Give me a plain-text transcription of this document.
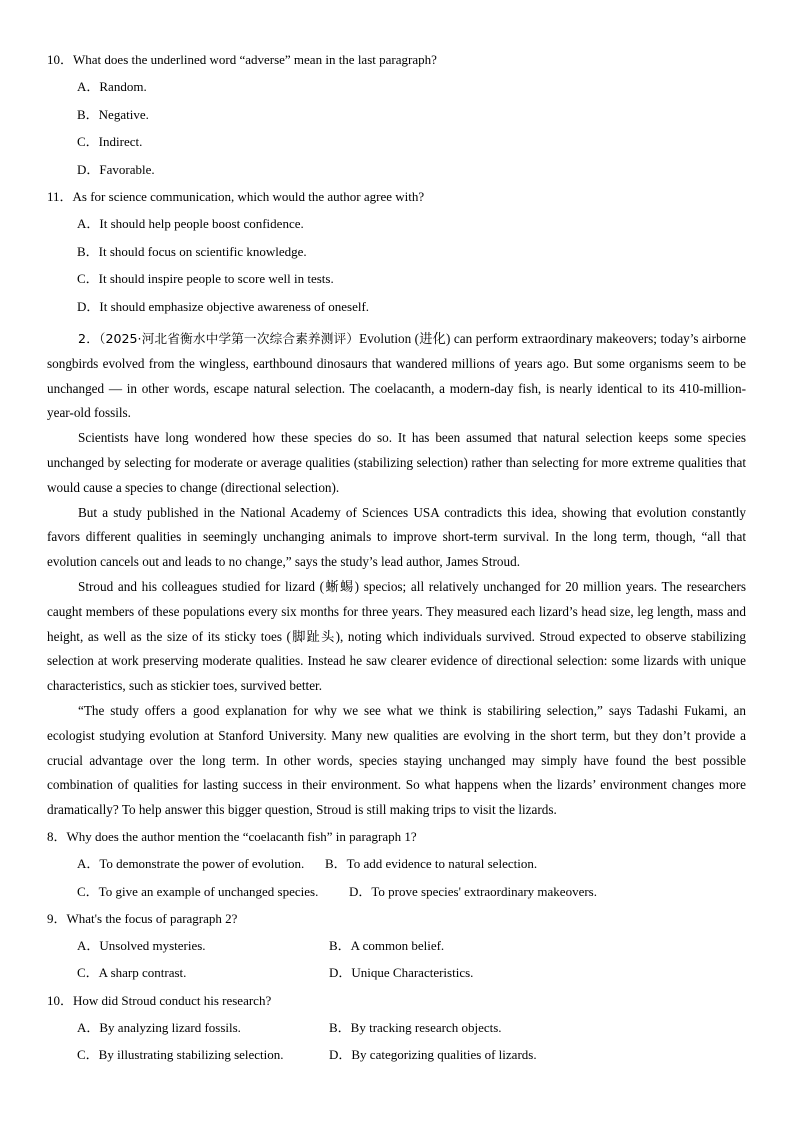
10．What does the underlined word “adverse” mean in the last paragraph?
A．Random.
B．Negative.
C．Indirect.
D．Favorable.
11．As for science communication, which would the author agree with?
A．It should help people boost confidence.
B．It should focus on scientific knowledge.
C．It should inspire people to score well in tests.
D．It should emphasize objective awareness of oneself.

2．（2025·河北省衡水中学第一次综合素养测评）Evolution (进化) can perform extraordinary makeovers; today’s airborne songbirds evolved from the wingless, earthbound dinosaurs that wandered millions of years ago. But some organisms seem to be unchanged — in other words, escape natural selection. The coelacanth, a modern-day fish, is nearly identical to its 410-million-year-old fossils.

Scientists have long wondered how these species do so. It has been assumed that natural selection keeps some species unchanged by selecting for moderate or average qualities (stabilizing selection) rather than selecting for more extreme qualities that would cause a species to change (directional selection).

But a study published in the National Academy of Sciences USA contradicts this idea, showing that evolution constantly favors different qualities in seemingly unchanging animals to improve short-term survival. In the long term, though, “all that evolution cancels out and leads to no change,” says the study’s lead author, James Stroud.

Stroud and his colleagues studied for lizard (蜥蜴) specios; all relatively unchanged for 20 million years. The researchers caught members of these populations every six months for three years. They measured each lizard’s head size, leg length, mass and height, as well as the size of its sticky toes (脚趾头), noting which individuals survived. Stroud expected to observe stabilizing selection at work preserving moderate qualities. Instead he saw clearer evidence of directional selection: some lizards with unique characteristics, such as stickier toes, survived better.

“The study offers a good explanation for why we see what we think is stabiliring selection,” says Tadashi Fukami, an ecologist studying evolution at Stanford University. Many new qualities are evolving in the short term, but they don’t provide a crucial advantage over the long term. In other words, species staying unchanged may simply have found the best possible combination of qualities for lasting success in their environment. So what happens when the lizards’ environment changes more dramatically? To help answer this bigger question, Stroud is still making trips to visit the lizards.

8．Why does the author mention the “coelacanth fish” in paragraph 1?
A．To demonstrate the power of evolution. B．To add evidence to natural selection.
C．To give an example of unchanged species. D．To prove species' extraordinary makeovers.
9．What's the focus of paragraph 2?
A．Unsolved mysteries.	B．A common belief.
C．A sharp contrast.	D．Unique Characteristics.
10．How did Stroud conduct his research?
A．By analyzing lizard fossils.	B．By tracking research objects.
C．By illustrating stabilizing selection.	D．By categorizing qualities of lizards.
